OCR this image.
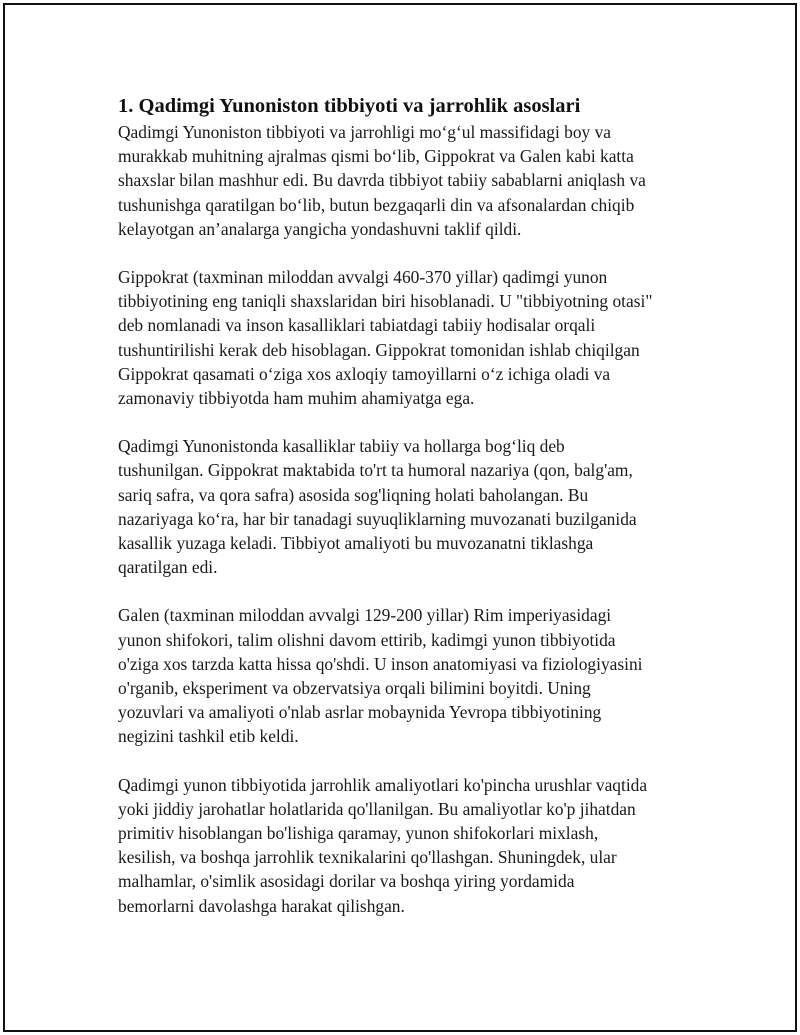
1. Qadimgi Yunoniston tibbiyoti va jarrohlik asoslari

Qadimgi Yunoniston tibbiyoti va jarrohligi mo‘g‘ul massifidagi boy va
murakkab muhitning ajralmas qismi bo‘lib, Gippokrat va Galen kabi katta
shaxslar bilan mashhur edi. Bu davrda tibbiyot tabiiy sabablarni aniqlash va
tushunishga qaratilgan bo‘lib, butun bezgaqarli din va afsonalardan chiqib
kelayotgan an’analarga yangicha yondashuvni taklif qildi.

Gippokrat (taxminan miloddan avvalgi 460-370 yillar) qadimgi yunon
tibbiyotining eng taniqli shaxslaridan biri hisoblanadi. U "tibbiyotning otasi"
deb nomlanadi va inson kasalliklari tabiatdagi tabiiy hodisalar orqali
tushuntirilishi kerak deb hisoblagan. Gippokrat tomonidan ishlab chiqilgan
Gippokrat qasamati o‘ziga xos axloqiy tamoyillarni o‘z ichiga oladi va
zamonaviy tibbiyotda ham muhim ahamiyatga ega.

Qadimgi Yunonistonda kasalliklar tabiiy va hollarga bog‘liq deb
tushunilgan. Gippokrat maktabida to'rt ta humoral nazariya (qon, balg'am,
sariq safra, va qora safra) asosida sog'liqning holati baholangan. Bu
nazariyaga ko‘ra, har bir tanadagi suyuqliklarning muvozanati buzilganida
kasallik yuzaga keladi. Tibbiyot amaliyoti bu muvozanatni tiklashga
qaratilgan edi.

Galen (taxminan miloddan avvalgi 129-200 yillar) Rim imperiyasidagi
yunon shifokori, talim olishni davom ettirib, kadimgi yunon tibbiyotida
o'ziga xos tarzda katta hissa qo'shdi. U inson anatomiyasi va fiziologiyasini
o'rganib, eksperiment va obzervatsiya orqali bilimini boyitdi. Uning
yozuvlari va amaliyoti o'nlab asrlar mobaynida Yevropa tibbiyotining
negizini tashkil etib keldi.

Qadimgi yunon tibbiyotida jarrohlik amaliyotlari ko'pincha urushlar vaqtida
yoki jiddiy jarohatlar holatlarida qo'llanilgan. Bu amaliyotlar ko'p jihatdan
primitiv hisoblangan bo'lishiga qaramay, yunon shifokorlari mixlash,
kesilish, va boshqa jarrohlik texnikalarini qo'llashgan. Shuningdek, ular
malhamlar, o'simlik asosidagi dorilar va boshqa yiring yordamida
bemorlarni davolashga harakat qilishgan.
